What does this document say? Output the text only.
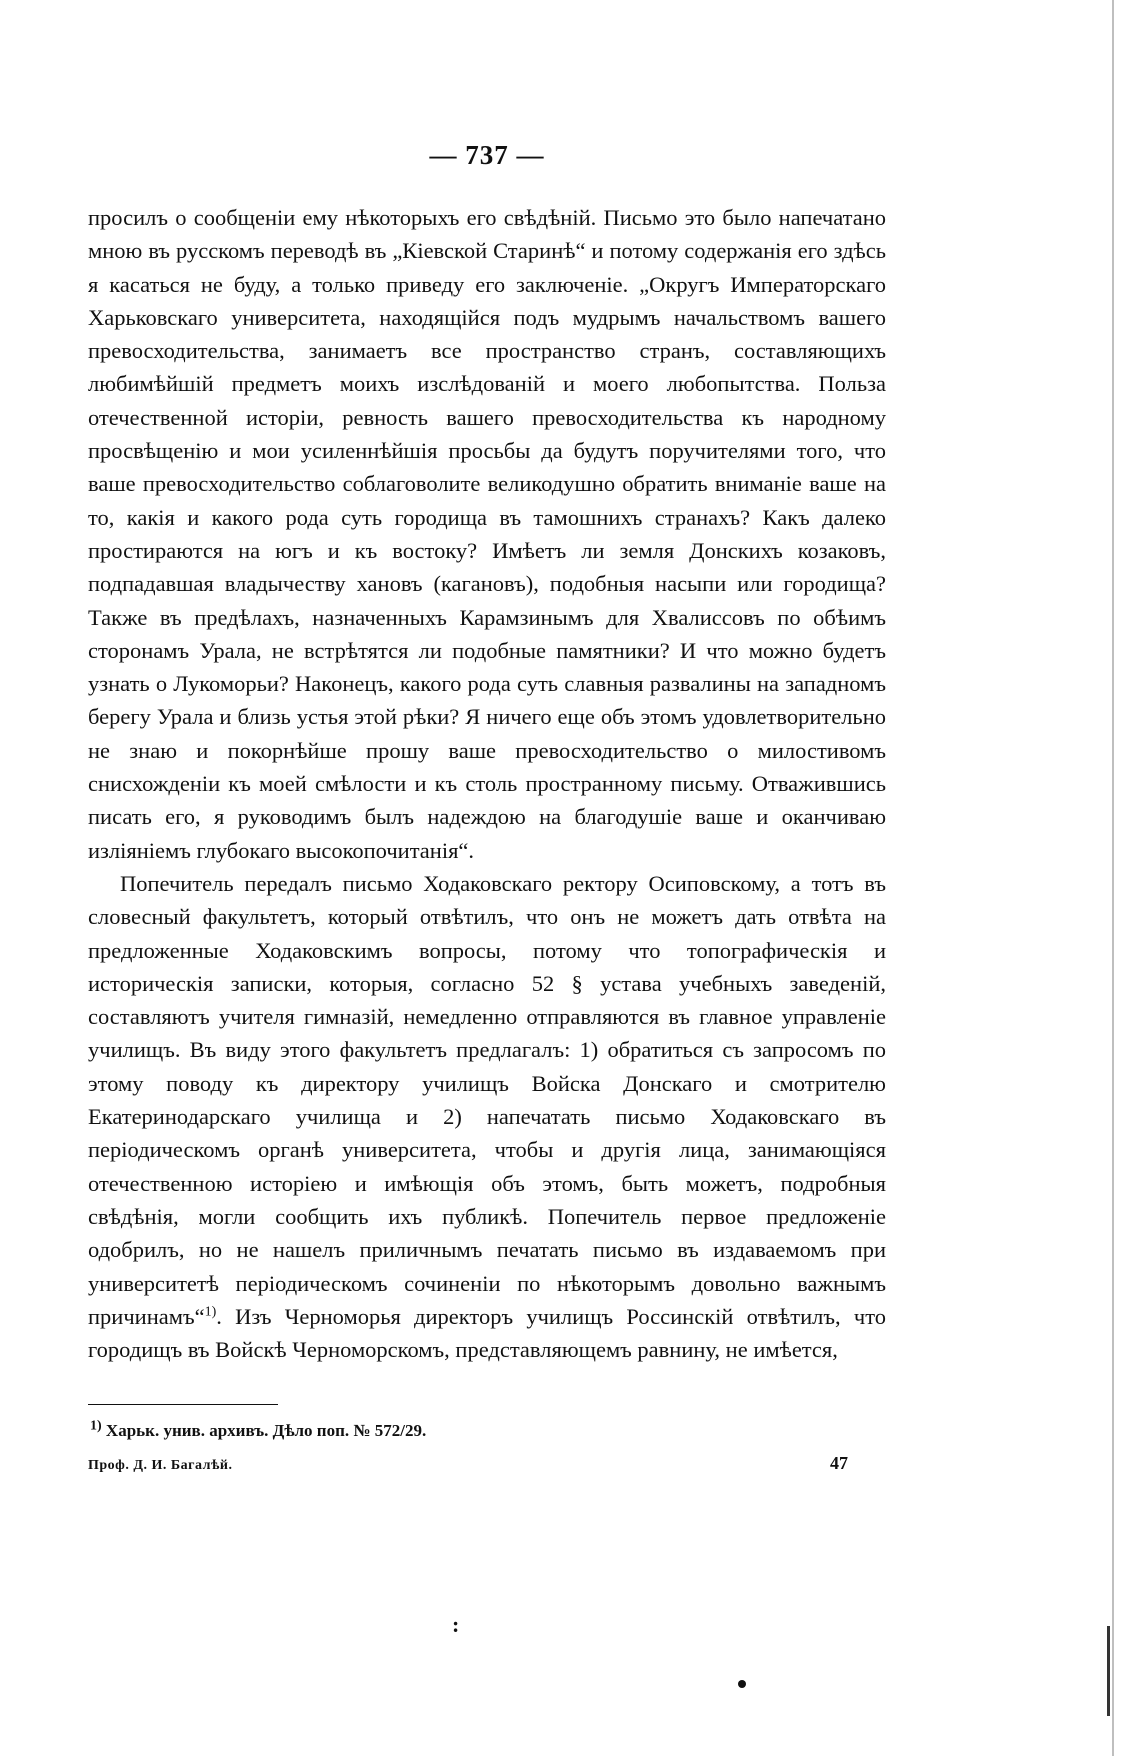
— 737 —

просилъ о сообщеніи ему нѣкоторыхъ его свѣдѣній. Письмо это было напечатано мною въ русскомъ переводѣ въ „Кіевской Старинѣ“ и потому содержанія его здѣсь я касаться не буду, а только приведу его заключеніе. „Округъ Императорскаго Харьковскаго университета, находящійся подъ мудрымъ начальствомъ вашего превосходительства, занимаетъ все пространство странъ, составляющихъ любимѣйшій предметъ моихъ изслѣдованій и моего любопытства. Польза отечественной исторіи, ревность вашего превосходительства къ народному просвѣщенію и мои усиленнѣйшія просьбы да будутъ поручителями того, что ваше превосходительство соблаговолите великодушно обратить вниманіе ваше на то, какія и какого рода суть городища въ тамошнихъ странахъ? Какъ далеко простираются на югъ и къ востоку? Имѣетъ ли земля Донскихъ козаковъ, подпадавшая владычеству хановъ (кагановъ), подобныя насыпи или городища? Также въ предѣлахъ, назначенныхъ Карамзинымъ для Хвалиссовъ по обѣимъ сторонамъ Урала, не встрѣтятся ли подобные памятники? И что можно будетъ узнать о Лукоморьи? Наконецъ, какого рода суть славныя развалины на западномъ берегу Урала и близь устья этой рѣки? Я ничего еще объ этомъ удовлетворительно не знаю и покорнѣйше прошу ваше превосходительство о милостивомъ снисхожденіи къ моей смѣлости и къ столь пространному письму. Отважившись писать его, я руководимъ былъ надеждою на благодушіе ваше и оканчиваю изліяніемъ глубокаго высокопочитанія“.

Попечитель передалъ письмо Ходаковскаго ректору Осиповскому, а тотъ въ словесный факультетъ, который отвѣтилъ, что онъ не можетъ дать отвѣта на предложенные Ходаковскимъ вопросы, потому что топографическія и историческія записки, которыя, согласно 52 § устава учебныхъ заведеній, составляютъ учителя гимназій, немедленно отправляются въ главное управленіе училищъ. Въ виду этого факультетъ предлагалъ: 1) обратиться съ запросомъ по этому поводу къ директору училищъ Войска Донскаго и смотрителю Екатеринодарскаго училища и 2) напечатать письмо Ходаковскаго въ періодическомъ органѣ университета, чтобы и другія лица, занимающіяся отечественною исторіею и имѣющія объ этомъ, быть можетъ, подробныя свѣдѣнія, могли сообщить ихъ публикѣ. Попечитель первое предложеніе одобрилъ, но не нашелъ приличнымъ печатать письмо въ издаваемомъ при университетѣ періодическомъ сочиненіи по нѣкоторымъ довольно важнымъ причинамъ“$^{1)}$. Изъ Черноморья директоръ училищъ Россинскій отвѣтилъ, что городищъ въ Войскѣ Черноморскомъ, представляющемъ равнину, не имѣется,

$^{1)}$ Харьк. унив. архивъ. Дѣло поп. № 572/29.
Проф. Д. И. Багалѣй.	47
:
